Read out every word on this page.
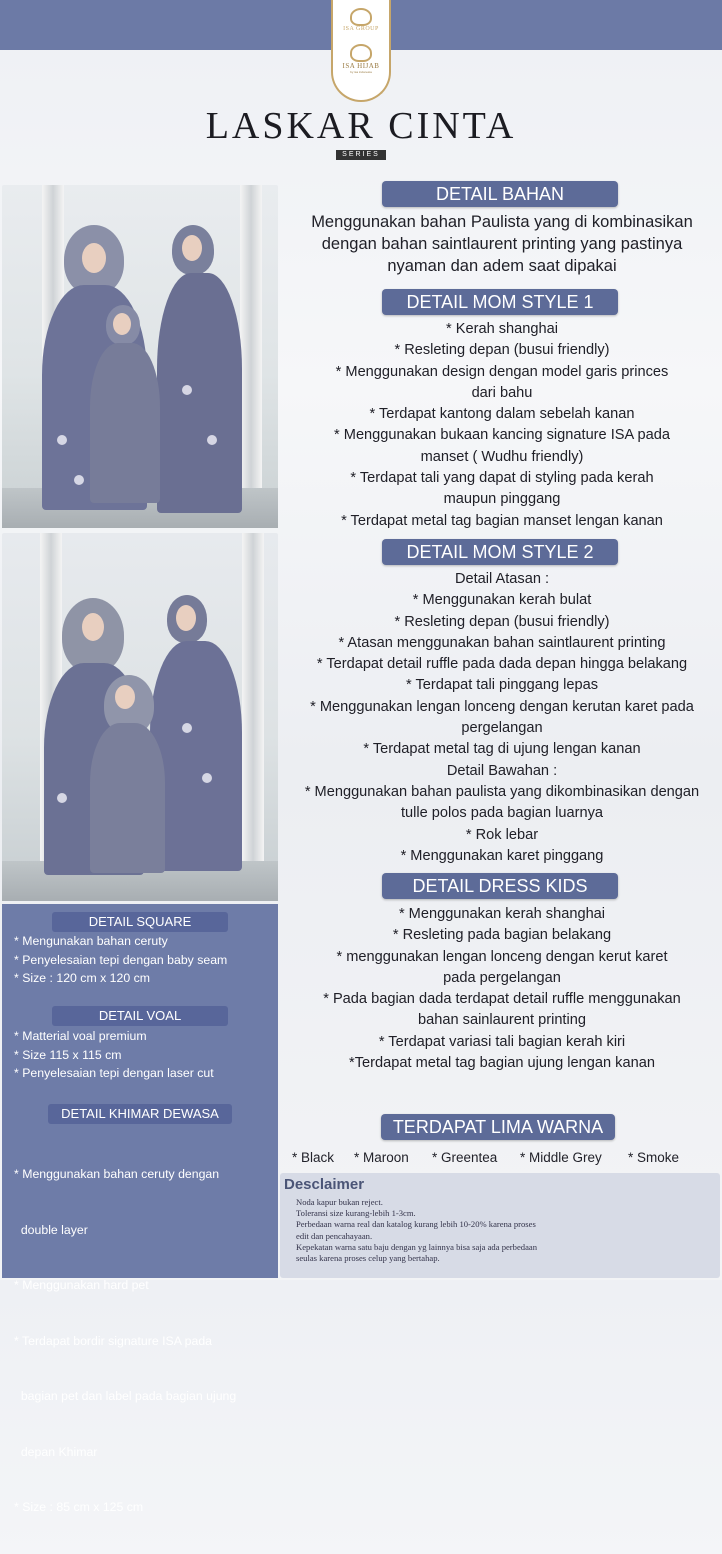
ISA GROUP
ISA HIJAB
by isa indonesia
LASKAR CINTA
SERIES
DETAIL BAHAN
Menggunakan bahan Paulista yang di kombinasikan
dengan bahan saintlaurent printing yang pastinya
nyaman dan adem saat dipakai
DETAIL MOM STYLE 1
* Kerah shanghai
* Resleting depan (busui friendly)
* Menggunakan design dengan model garis princes
dari bahu
* Terdapat kantong dalam sebelah kanan
* Menggunakan bukaan kancing signature ISA pada
manset ( Wudhu friendly)
* Terdapat tali yang dapat di styling pada kerah
maupun pinggang
* Terdapat metal tag bagian manset lengan kanan
DETAIL MOM STYLE 2
Detail Atasan :
* Menggunakan kerah bulat
* Resleting depan (busui friendly)
* Atasan menggunakan bahan saintlaurent printing
* Terdapat detail ruffle pada dada depan hingga belakang
* Terdapat tali pinggang lepas
* Menggunakan lengan lonceng dengan kerutan karet pada
pergelangan
* Terdapat metal tag di ujung lengan kanan
Detail Bawahan :
* Menggunakan bahan paulista yang dikombinasikan dengan
tulle polos pada bagian luarnya
* Rok lebar
* Menggunakan karet pinggang
DETAIL DRESS KIDS
* Menggunakan kerah shanghai
* Resleting pada bagian belakang
* menggunakan lengan lonceng dengan kerut karet
pada pergelangan
* Pada bagian dada terdapat detail ruffle menggunakan
bahan sainlaurent printing
* Terdapat variasi tali bagian kerah kiri
*Terdapat metal tag bagian ujung lengan kanan
DETAIL SQUARE
* Mengunakan bahan ceruty
* Penyelesaian tepi dengan baby seam
* Size : 120 cm x 120 cm
DETAIL VOAL
* Matterial voal premium
* Size 115 x 115 cm
* Penyelesaian tepi dengan laser cut
DETAIL KHIMAR DEWASA

* Menggunakan bahan ceruty dengan

double layer

* Menggunakan hard pet

* Terdapat bordir signature ISA pada

bagian pet dan label pada bagian ujung

depan Khimar

* Size : 85 cm x 125 cm

TERDAPAT LIMA WARNA
* Black * Maroon * Greentea * Middle Grey * Smoke
Desclaimer
Noda kapur bukan reject.
Toleransi size kurang-lebih 1-3cm.
Perbedaan warna real dan katalog kurang lebih 10-20% karena proses
edit dan pencahayaan.
Kepekatan warna satu baju dengan yg lainnya bisa saja ada perbedaan
seulas karena proses celup yang bertahap.
